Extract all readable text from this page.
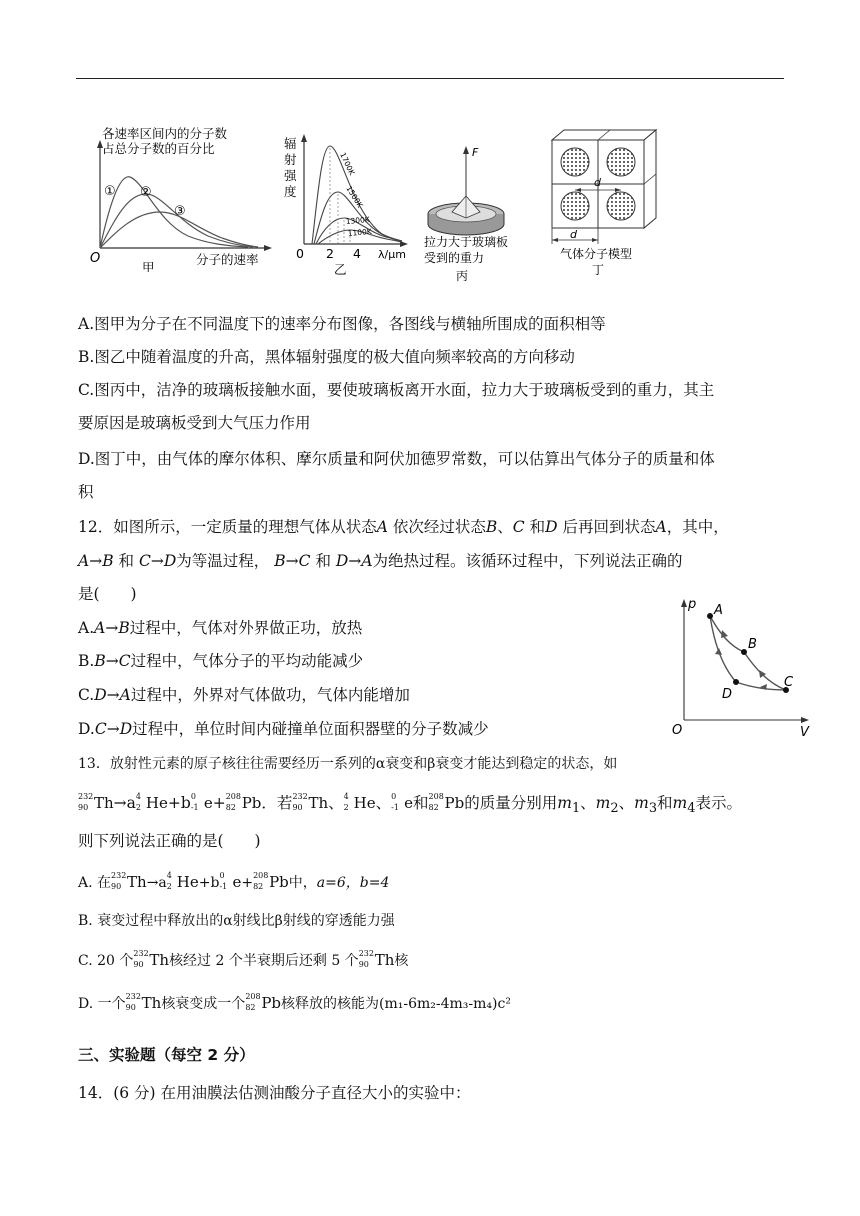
各速率区间内的分子数
占总分子数的百分比
① ②
③
O	分子的速率
甲
辐
射
强
度
1700K
1500K
1300K
1100K
0 2 4 λ/μm
乙
F
拉力大于玻璃板
受到的重力
丙
d
d
气体分子模型
丁
A.图甲为分子在不同温度下的速率分布图像，各图线与横轴所围成的面积相等
B.图乙中随着温度的升高，黑体辐射强度的极大值向频率较高的方向移动
C.图丙中，洁净的玻璃板接触水面，要使玻璃板离开水面，拉力大于玻璃板受到的重力，其主
要原因是玻璃板受到大气压力作用
D.图丁中，由气体的摩尔体积、摩尔质量和阿伏加德罗常数，可以估算出气体分子的质量和体
积
12．如图所示，一定质量的理想气体从状态A 依次经过状态B、C 和D 后再回到状态A，其中，
A→B 和 C→D为等温过程， B→C 和 D→A为绝热过程。该循环过程中，下列说法正确的
是(　　)
A.A→B过程中，气体对外界做正功，放热
B.B→C过程中，气体分子的平均动能减少
C.D→A过程中，外界对气体做功，气体内能增加
D.C→D过程中，单位时间内碰撞单位面积器壁的分子数减少
p
V
O
A
B
C
D
13．放射性元素的原子核往往需要经历一系列的α衰变和β衰变才能达到稳定的状态，如
232
90 Th→a 4
2 He+b 0
-1 e+ 208
82 Pb．若 232
90 Th、 4
2 He、 0
-1 e和 208
82 Pb的质量分别用$m_1$、$m_2$、$m_3$和$m_4$表示。
则下列说法正确的是(　　)
A. 在 232
90 Th→a 4
2 He+b 0
-1 e+ 208
82 Pb中，a=6，b=4
B. 衰变过程中释放出的α射线比β射线的穿透能力强
C. 20 个 232
90 Th核经过 2 个半衰期后还剩 5 个 232
90 Th核
D. 一个 232
90 Th核衰变成一个 208
82 Pb核释放的核能为(m₁-6m₂-4m₃-m₄)c²
三、实验题（每空 2 分）
14．(6 分) 在用油膜法估测油酸分子直径大小的实验中：
